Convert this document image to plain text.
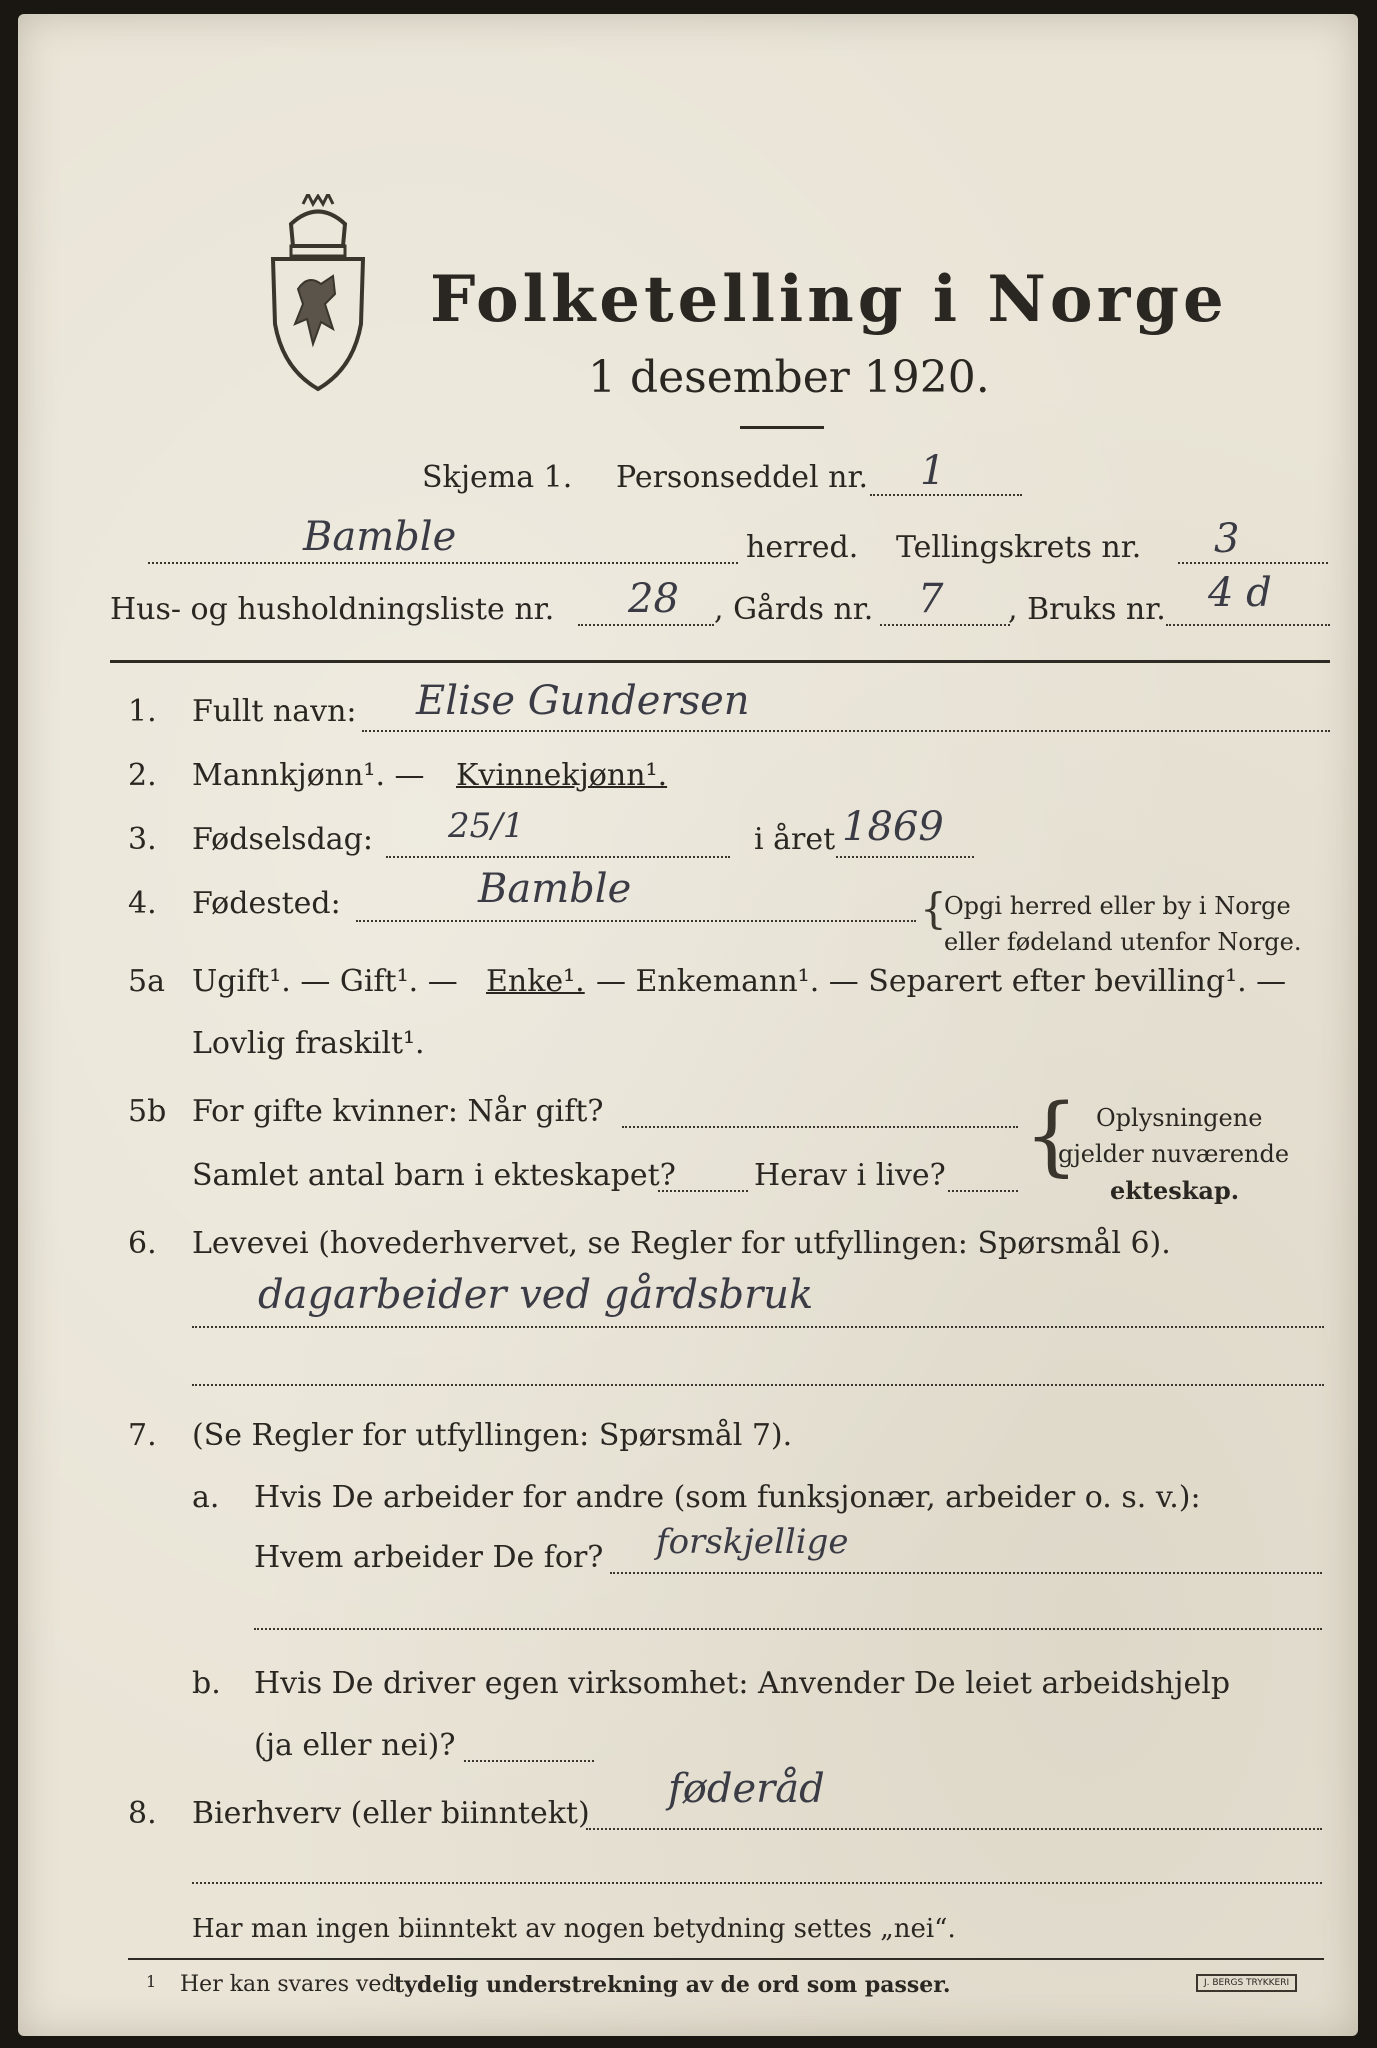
Folketelling i Norge
1 desember 1920.
Skjema 1. Personseddel nr. 1
Bamble	herred. Tellingskrets nr. 3
Hus- og husholdningsliste nr. 28 , Gårds nr. 7 , Bruks nr. 4 d
1. Fullt navn: Elise Gundersen
2. Mannkjønn¹. — Kvinnekjønn¹.
3. Fødselsdag: 25/1	i året 1869
4. Fødested:	Bamble	{
Opgi herred eller by i Norge
eller fødeland utenfor Norge.
5a Ugift¹. — Gift¹. — Enke¹. — Enkemann¹. — Separert efter bevilling¹. —
Lovlig fraskilt¹.
5b For gifte kvinner: Når gift?
Samlet antal barn i ekteskapet?	Herav i live? { Oplysningene
gjelder nuværende
ekteskap.
6. Levevei (hovederhvervet, se Regler for utfyllingen: Spørsmål 6).
dagarbeider ved gårdsbruk
7. (Se Regler for utfyllingen: Spørsmål 7).
a. Hvis De arbeider for andre (som funksjonær, arbeider o. s. v.):
Hvem arbeider De for? forskjellige
b. Hvis De driver egen virksomhet: Anvender De leiet arbeidshjelp
(ja eller nei)?
8. Bierhverv (eller biinntekt)
føderåd
Har man ingen biinntekt av nogen betydning settes „nei“.
1 Her kan svares ved
tydelig understrekning av de ord som passer.	J. BERGS TRYKKERI
